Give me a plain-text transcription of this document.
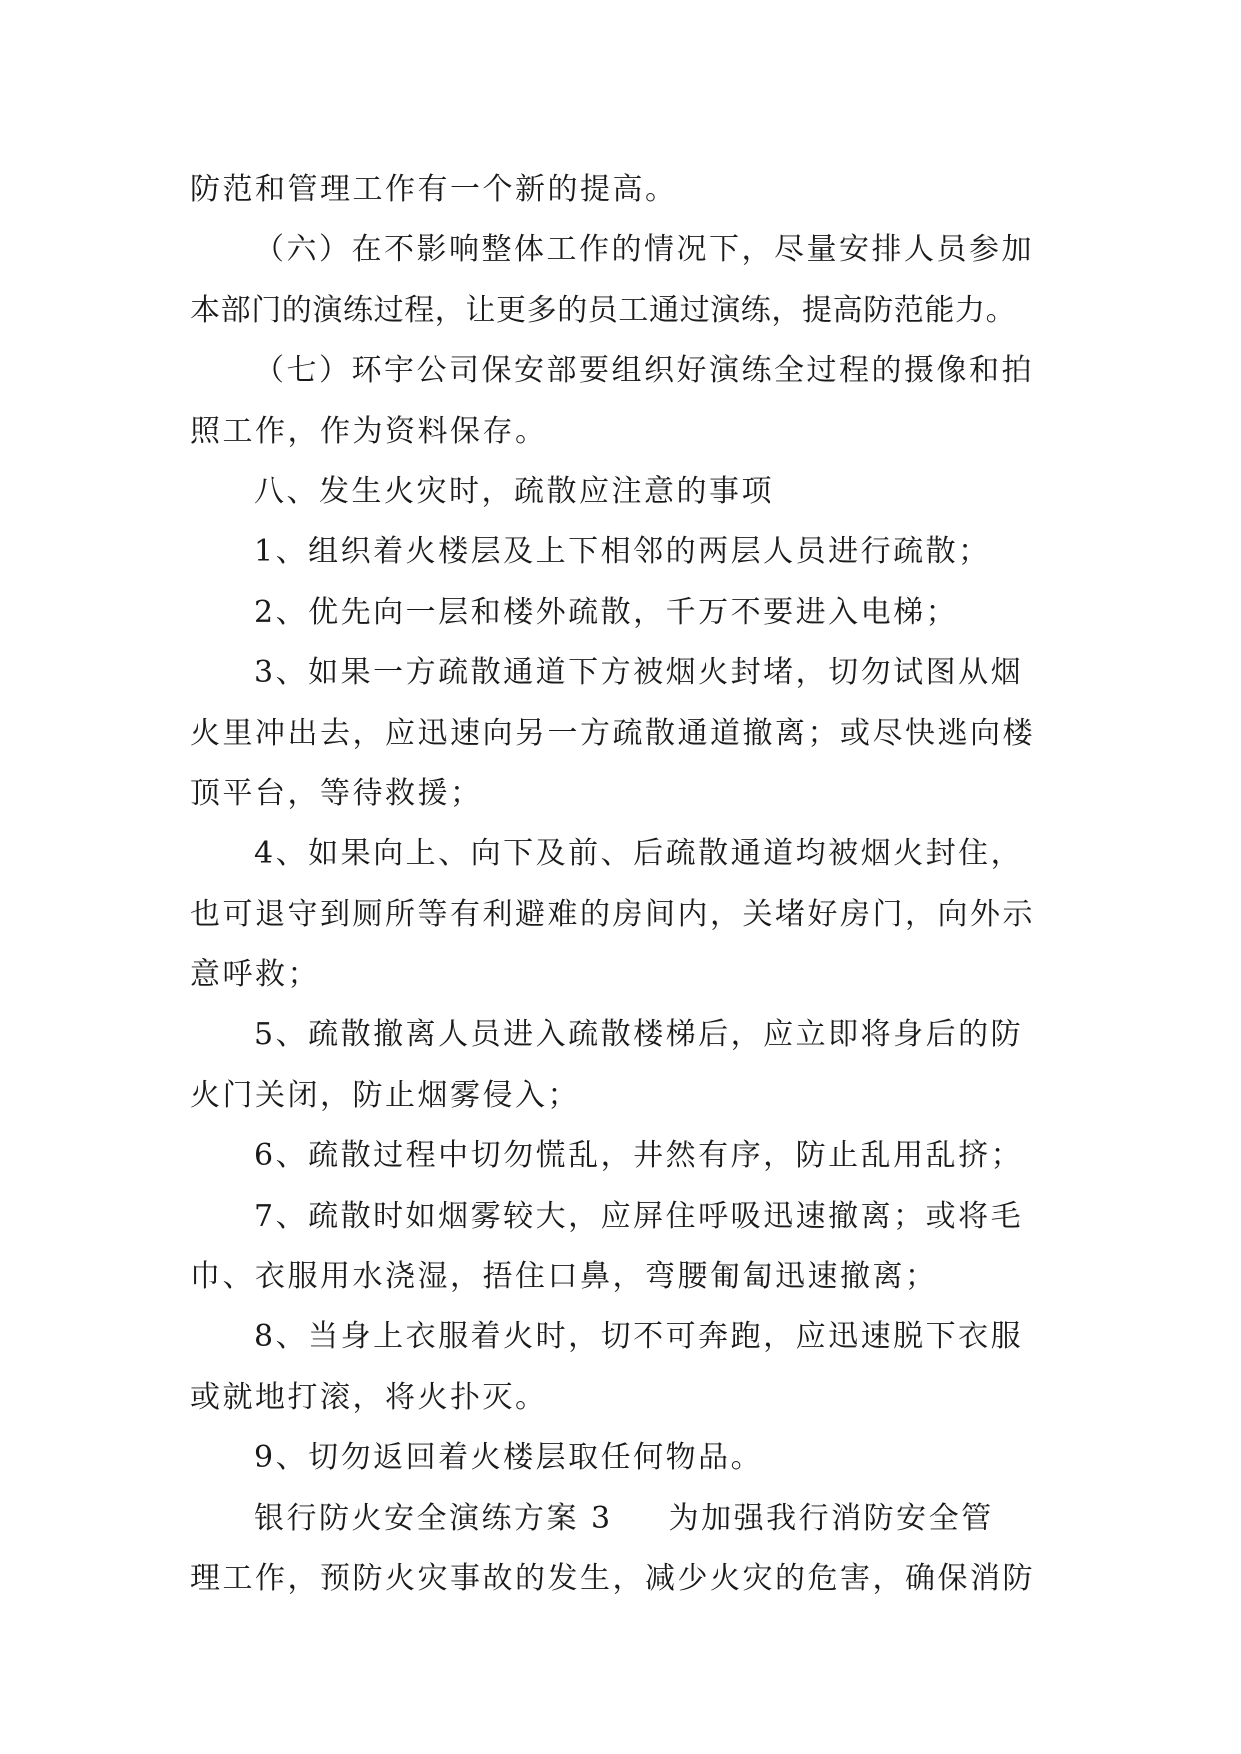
防范和管理工作有一个新的提高。
（六）在不影响整体工作的情况下，尽量安排人员参加
本部门的演练过程，让更多的员工通过演练，提高防范能力。
（七）环宇公司保安部要组织好演练全过程的摄像和拍
照工作，作为资料保存。
八、发生火灾时，疏散应注意的事项
1、组织着火楼层及上下相邻的两层人员进行疏散；
2、优先向一层和楼外疏散，千万不要进入电梯；
3、如果一方疏散通道下方被烟火封堵，切勿试图从烟
火里冲出去，应迅速向另一方疏散通道撤离；或尽快逃向楼
顶平台，等待救援；
4、如果向上、向下及前、后疏散通道均被烟火封住，
也可退守到厕所等有利避难的房间内，关堵好房门，向外示
意呼救；
5、疏散撤离人员进入疏散楼梯后，应立即将身后的防
火门关闭，防止烟雾侵入；
6、疏散过程中切勿慌乱，井然有序，防止乱用乱挤；
7、疏散时如烟雾较大，应屏住呼吸迅速撤离；或将毛
巾、衣服用水浇湿，捂住口鼻，弯腰匍匐迅速撤离；
8、当身上衣服着火时，切不可奔跑，应迅速脱下衣服
或就地打滚，将火扑灭。
9、切勿返回着火楼层取任何物品。
银行防火安全演练方案 3 为加强我行消防安全管
理工作，预防火灾事故的发生，减少火灾的危害，确保消防
